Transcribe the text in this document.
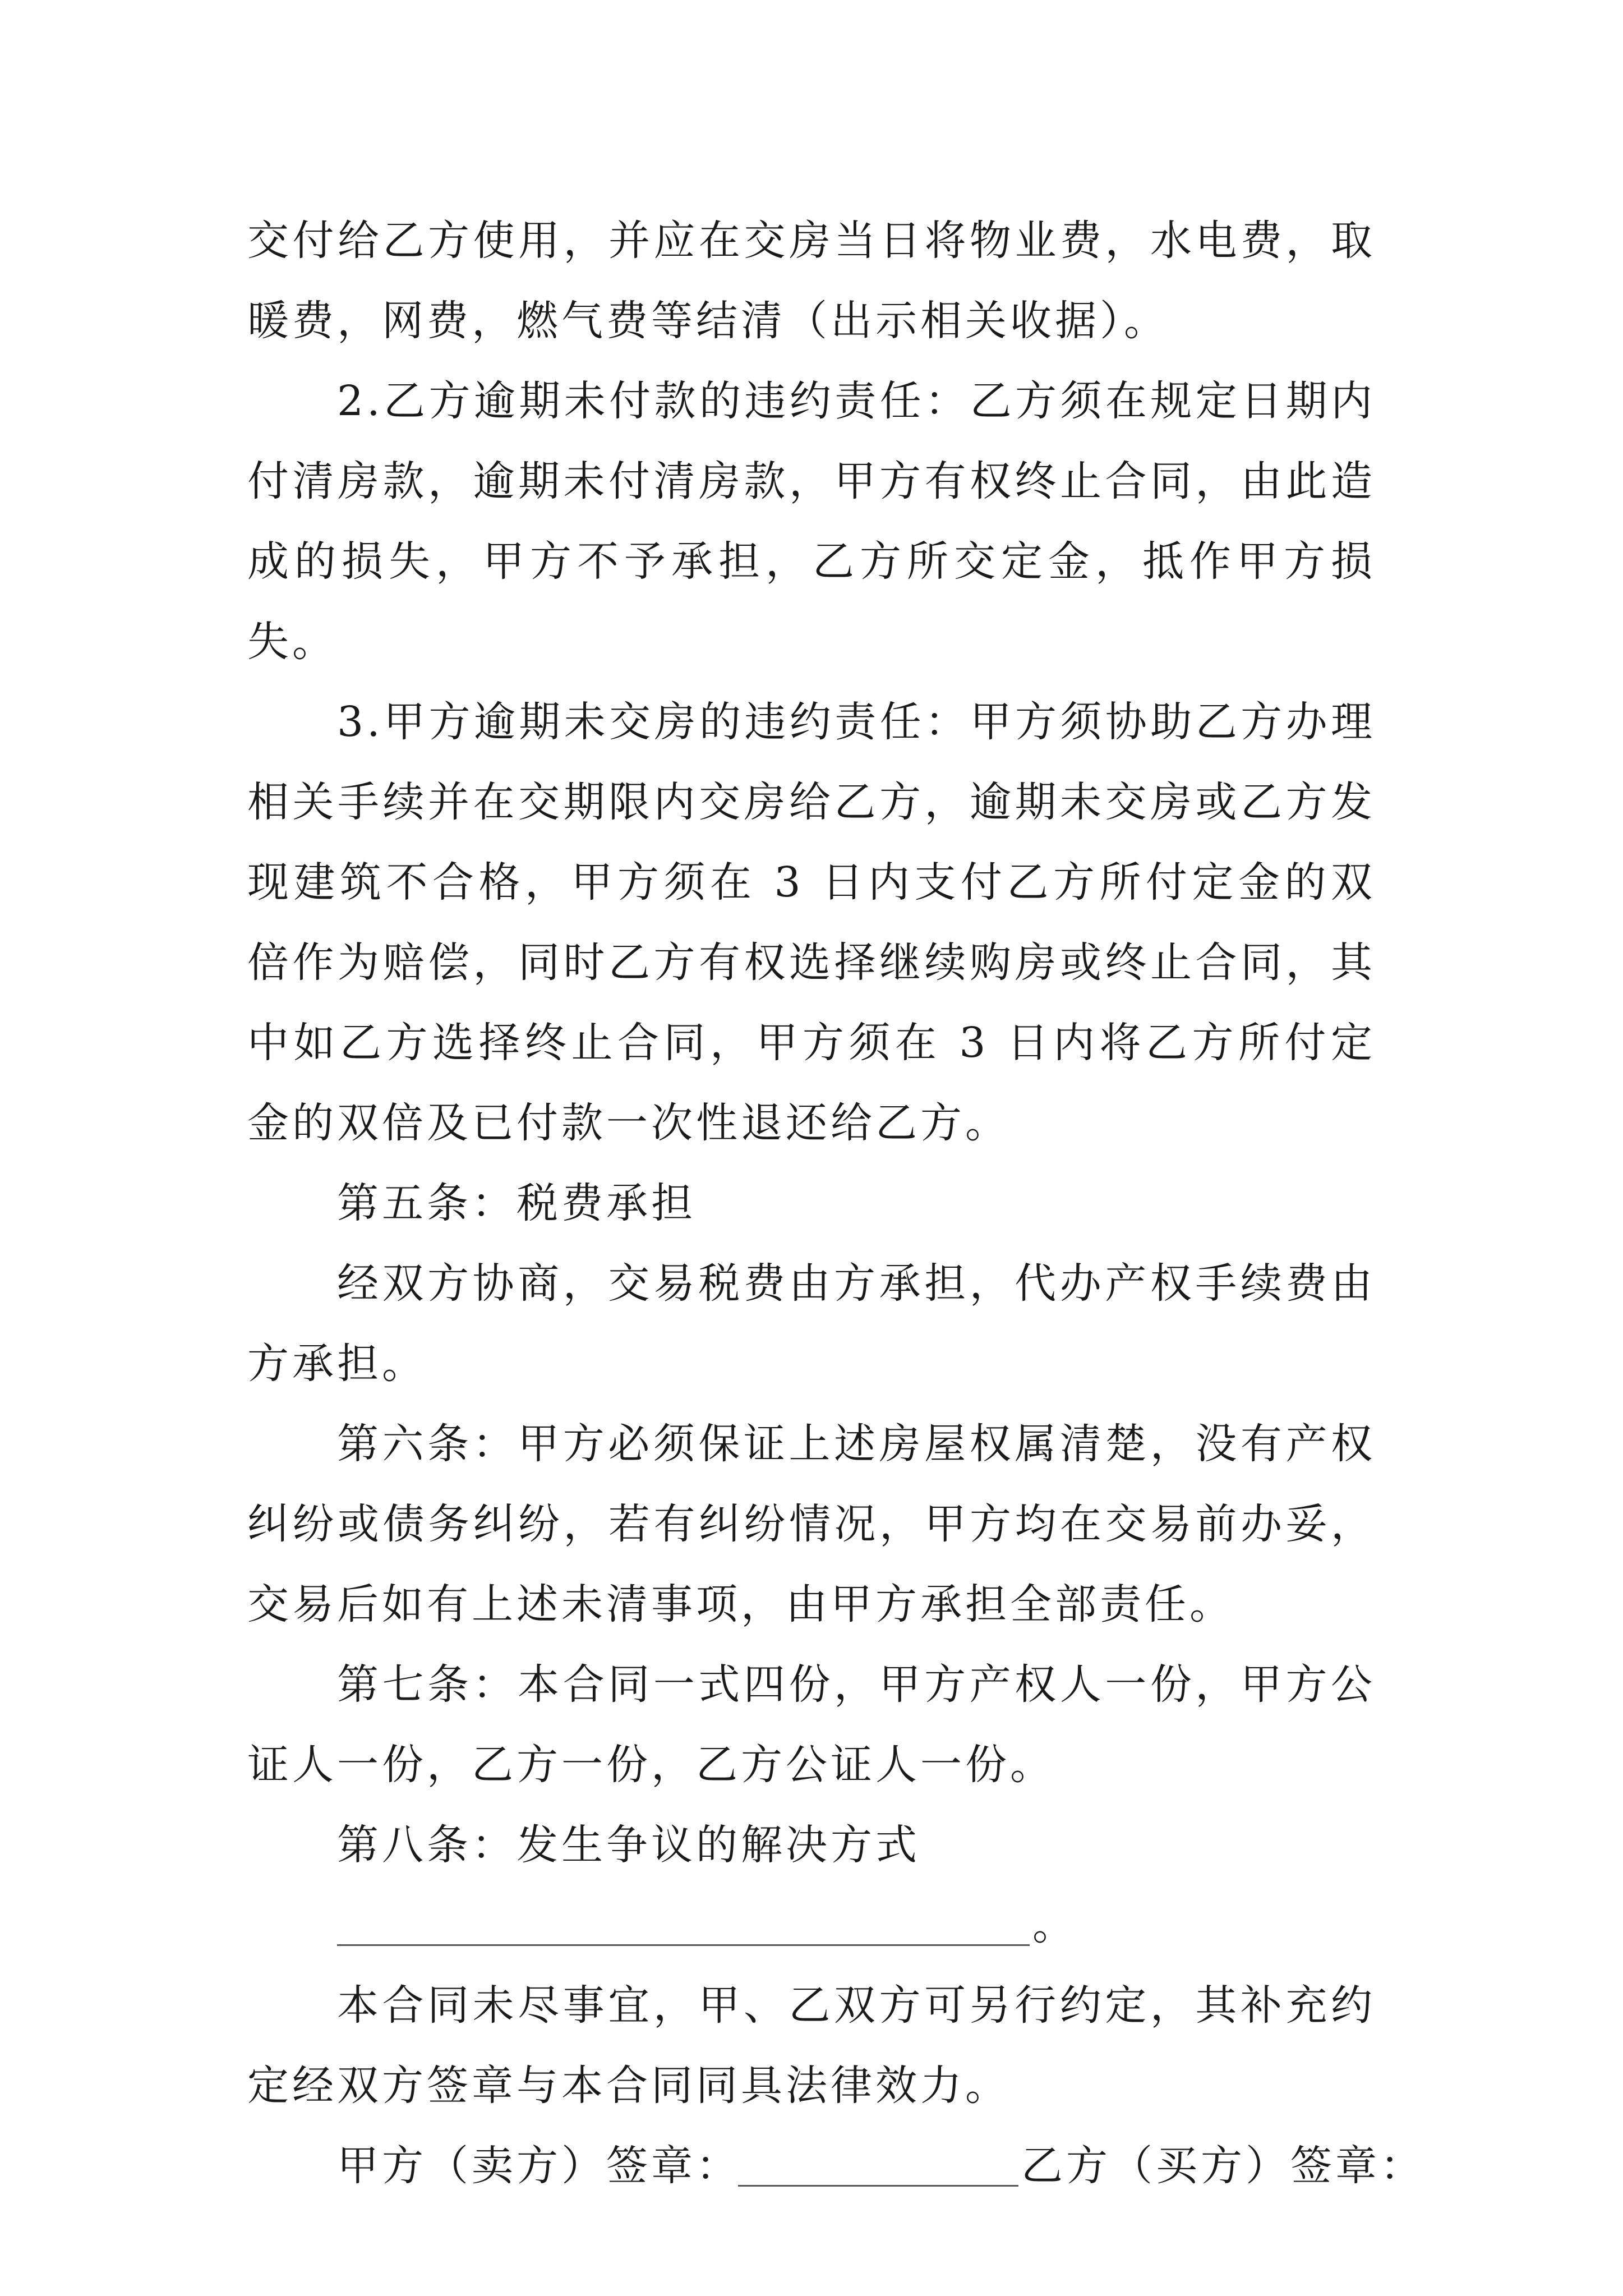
交付给乙方使用，并应在交房当日将物业费，水电费，取暖费，网费，燃气费等结清（出示相关收据）。

2.乙方逾期未付款的违约责任：乙方须在规定日期内付清房款，逾期未付清房款，甲方有权终止合同，由此造成的损失，甲方不予承担，乙方所交定金，抵作甲方损失。

3.甲方逾期未交房的违约责任：甲方须协助乙方办理相关手续并在交期限内交房给乙方，逾期未交房或乙方发现建筑不合格，甲方须在 3 日内支付乙方所付定金的双倍作为赔偿，同时乙方有权选择继续购房或终止合同，其中如乙方选择终止合同，甲方须在 3 日内将乙方所付定金的双倍及已付款一次性退还给乙方。

第五条：税费承担

经双方协商，交易税费由方承担，代办产权手续费由方承担。

第六条：甲方必须保证上述房屋权属清楚，没有产权纠纷或债务纠纷，若有纠纷情况，甲方均在交易前办妥，交易后如有上述未清事项，由甲方承担全部责任。

第七条：本合同一式四份，甲方产权人一份，甲方公证人一份，乙方一份，乙方公证人一份。

第八条：发生争议的解决方式

。

本合同未尽事宜，甲、乙双方可另行约定，其补充约定经双方签章与本合同同具法律效力。

甲方（卖方）签章：	乙方（买方）签章：
